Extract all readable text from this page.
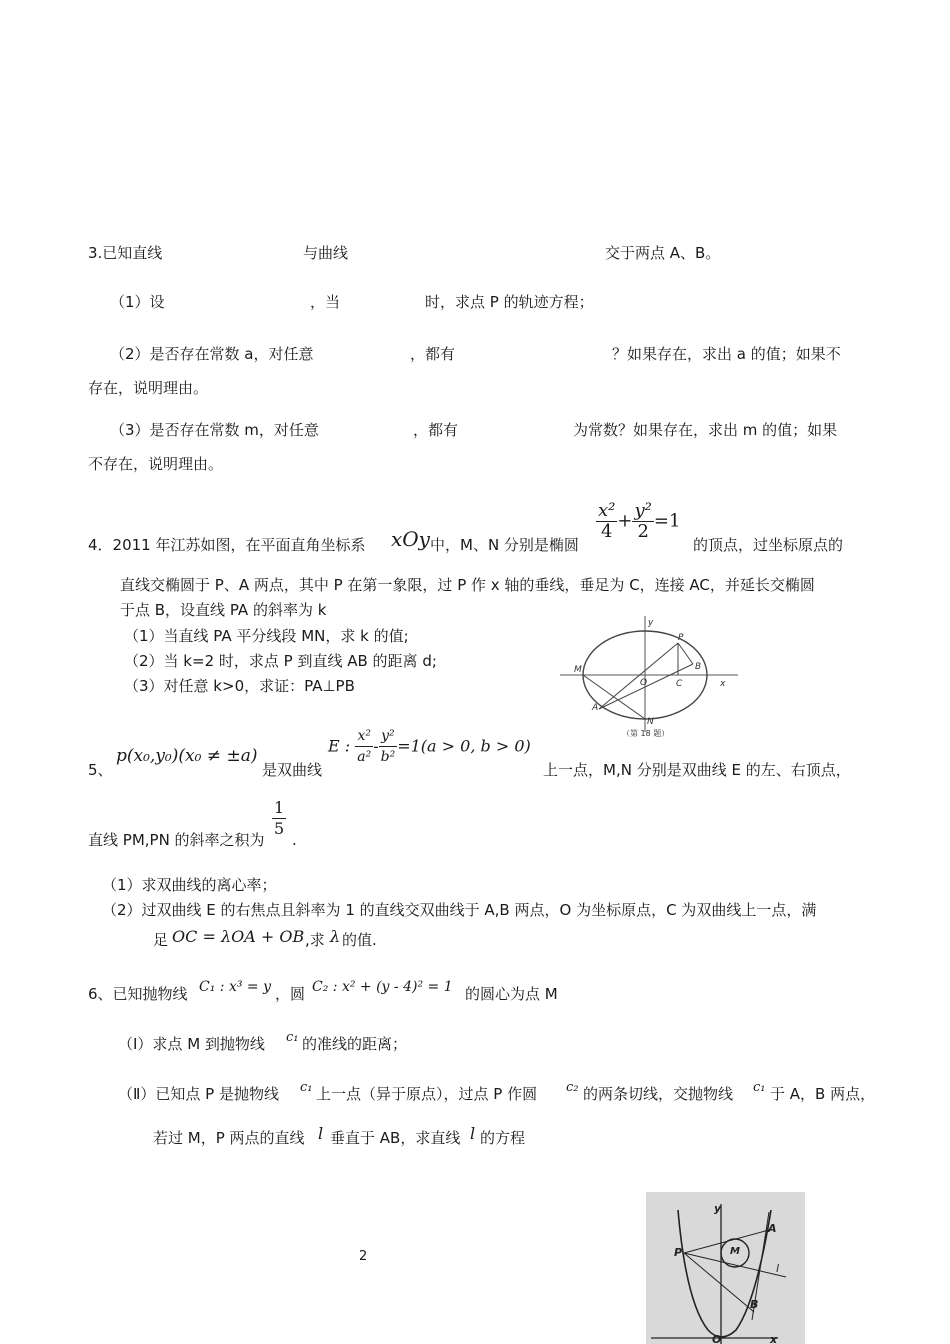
3.已知直线	与曲线	交于两点 A、B。
（1）设	，当	时，求点 P 的轨迹方程；
（2）是否存在常数 a，对任意	，都有	？如果存在，求出 a 的值；如果不
存在，说明理由。
（3）是否存在常数 m，对任意	，都有	为常数？如果存在，求出 m 的值；如果
不存在，说明理由。
4．2011 年江苏如图，在平面直角坐标系 xOy 中，M、N 分别是椭圆
$\frac{\text{x²}}{4} + \frac{\text{y²}}{2} =1$
的顶点，过坐标原点的
直线交椭圆于 P、A 两点，其中 P 在第一象限，过 P 作 x 轴的垂线，垂足为 C，连接 AC，并延长交椭圆
于点 B，设直线 PA 的斜率为 k
（1）当直线 PA 平分线段 MN，求 k 的值;
（2）当 k=2 时，求点 P 到直线 AB 的距离 d;
（3）对任意 k>0，求证：PA⊥PB
y
x
P
M	B
O	C
A
N
（第 18 题）
5、
p(x₀,y₀)(x₀ ≠ ±a)
是双曲线
E : $\frac{\text{x²}}{\text{a²}} - \frac{\text{y²}}{\text{b²}} =1(a > 0$, b > 0)
上一点，M,N 分别是双曲线 E 的左、右顶点，
直线 PM,PN 的斜率之积为
$\frac{1}{5}$
.
（1）求双曲线的离心率；
（2）过双曲线 E 的右焦点且斜率为 1 的直线交双曲线于 A,B 两点，O 为坐标原点，C 为双曲线上一点，满
足 OC = λOA + OB ,求 λ 的值.
6、已知抛物线 C₁ : x³ = y ，圆 C₂ : x² + (y - 4)² = 1 的圆心为点 M
（Ⅰ）求点 M 到抛物线 c₁ 的准线的距离；
（Ⅱ）已知点 P 是抛物线 c₁ 上一点（异于原点），过点 P 作圆 c₂ 的两条切线，交抛物线 c₁ 于 A，B 两点，
若过 M，P 两点的直线 l 垂直于 AB，求直线 l 的方程
y
A
P	M
l
B
O	x
2
